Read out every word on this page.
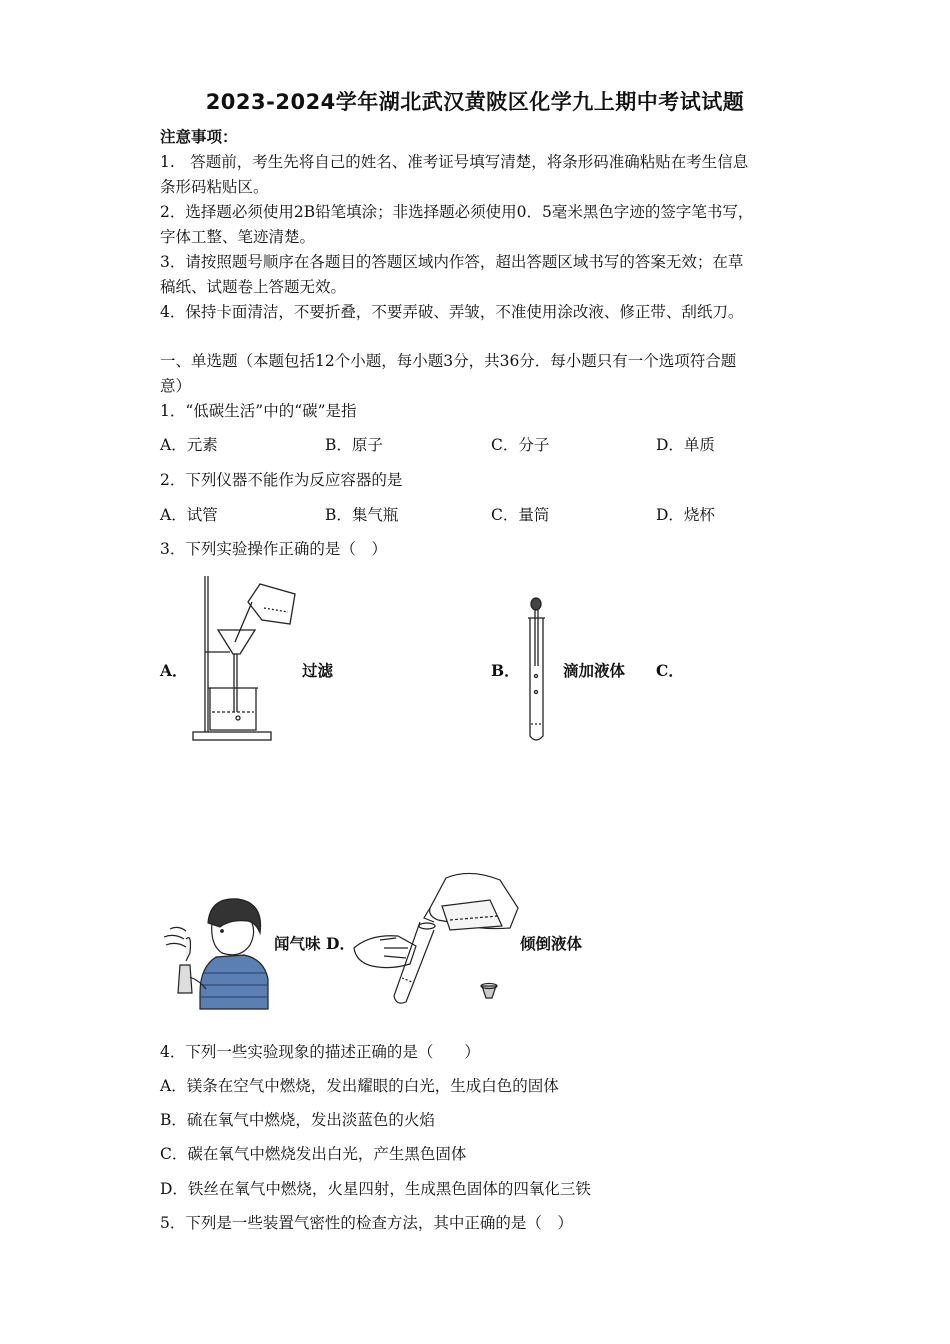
2023-2024学年湖北武汉黄陂区化学九上期中考试试题
注意事项：
1.　答题前，考生先将自己的姓名、准考证号填写清楚，将条形码准确粘贴在考生信息
条形码粘贴区。
2．选择题必须使用2B铅笔填涂；非选择题必须使用0．5毫米黑色字迹的签字笔书写，
字体工整、笔迹清楚。
3．请按照题号顺序在各题目的答题区域内作答，超出答题区域书写的答案无效；在草
稿纸、试题卷上答题无效。
4．保持卡面清洁，不要折叠，不要弄破、弄皱，不准使用涂改液、修正带、刮纸刀。
一、单选题（本题包括12个小题，每小题3分，共36分．每小题只有一个选项符合题
意）
1．“低碳生活”中的“碳”是指
A．元素	B．原子	C．分子	D．单质
2．下列仪器不能作为反应容器的是
A．试管	B．集气瓶	C．量筒	D．烧杯
3．下列实验操作正确的是（　）
A．	过滤	B．	滴加液体 C．
闻气味 D．	倾倒液体
4．下列一些实验现象的描述正确的是（　　）
A．镁条在空气中燃烧，发出耀眼的白光，生成白色的固体
B．硫在氧气中燃烧，发出淡蓝色的火焰
C．碳在氧气中燃烧发出白光，产生黑色固体
D．铁丝在氧气中燃烧，火星四射，生成黑色固体的四氧化三铁
5．下列是一些装置气密性的检查方法，其中正确的是（　）
